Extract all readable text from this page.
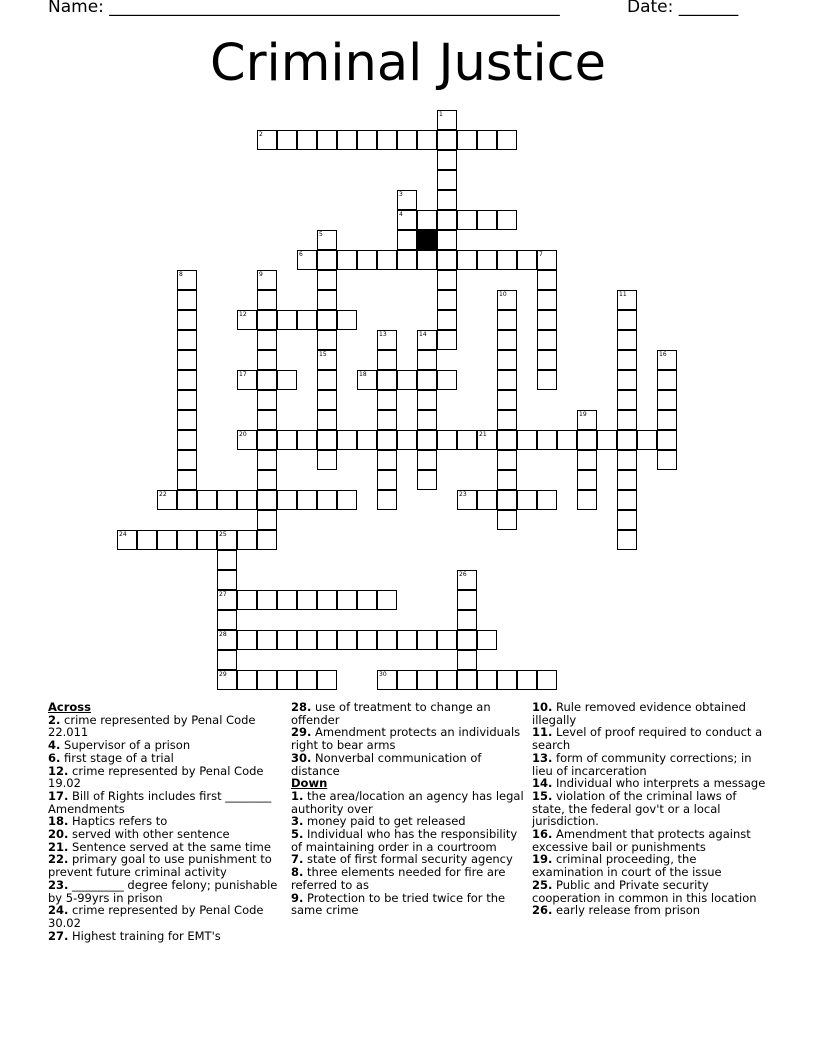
Name: _____________________________________________________	Date: _______
Criminal Justice
1
2
3
4
5
6	7
8	9
10	11
12
13	14
15	16
17	18
19
20	21
22	23
24	25
27
28
29
26
30
Across
2. crime represented by Penal Code 22.011
4. Supervisor of a prison
6. first stage of a trial
12. crime represented by Penal Code 19.02
17. Bill of Rights includes first ________ Amendments
18. Haptics refers to
20. served with other sentence
21. Sentence served at the same time
22. primary goal to use punishment to prevent future criminal activity
23. _________ degree felony; punishable by 5-99yrs in prison
24. crime represented by Penal Code 30.02
27. Highest training for EMT's
28. use of treatment to change an offender
29. Amendment protects an individuals right to bear arms
30. Nonverbal communication of distance
Down
1. the area/location an agency has legal authority over
3. money paid to get released
5. Individual who has the responsibility of maintaining order in a courtroom
7. state of first formal security agency
8. three elements needed for fire are referred to as
9. Protection to be tried twice for the same crime
10. Rule removed evidence obtained illegally
11. Level of proof required to conduct a search
13. form of community corrections; in lieu of incarceration
14. Individual who interprets a message
15. violation of the criminal laws of state, the federal gov't or a local jurisdiction.
16. Amendment that protects against excessive bail or punishments
19. criminal proceeding, the examination in court of the issue
25. Public and Private security cooperation in common in this location
26. early release from prison
